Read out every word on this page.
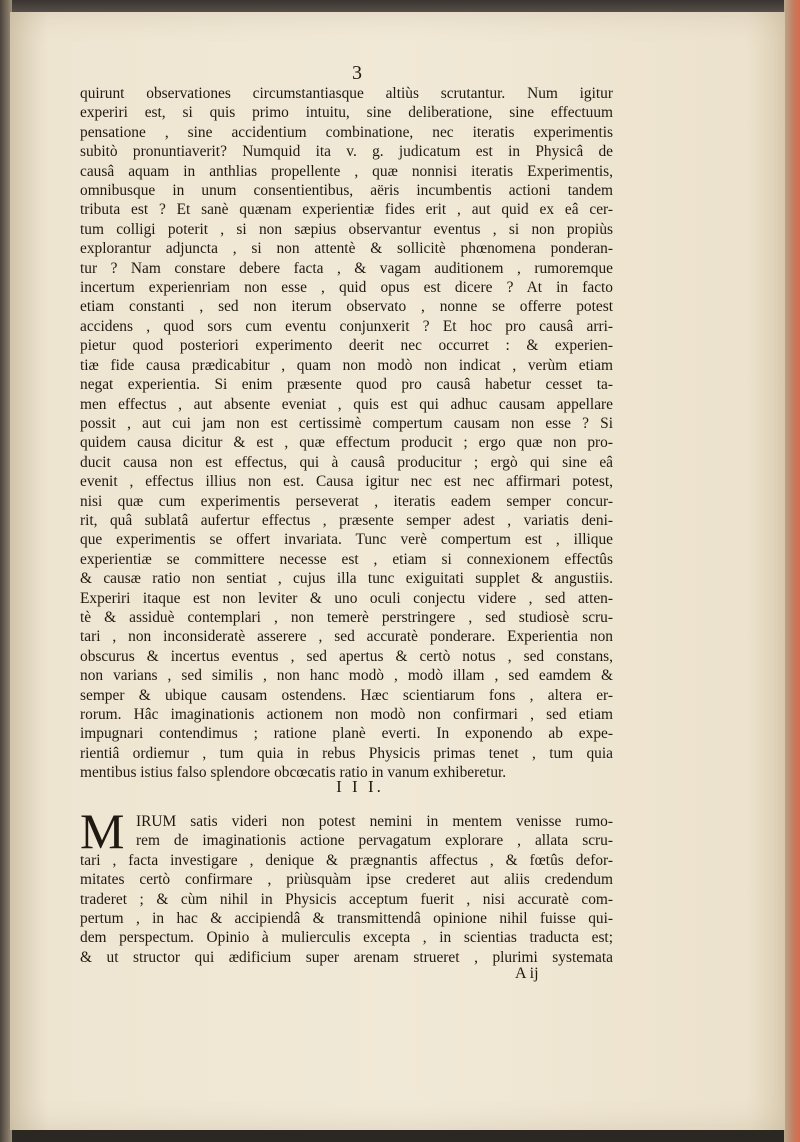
3
quirunt observationes circumstantiasque altiùs scrutantur. Num igitur
experiri est, si quis primo intuitu, sine deliberatione, sine effectuum
pensatione , sine accidentium combinatione, nec iteratis experimentis
subitò pronuntiaverit? Numquid ita v. g. judicatum est in Physicâ de
causâ aquam in anthlias propellente , quæ nonnisi iteratis Experimentis,
omnibusque in unum consentientibus, aëris incumbentis actioni tandem
tributa est ? Et sanè quænam experientiæ fides erit , aut quid ex eâ cer-
tum colligi poterit , si non sæpius observantur eventus , si non propiùs
explorantur adjuncta , si non attentè & sollicitè phœnomena ponderan-
tur ? Nam constare debere facta , & vagam auditionem , rumoremque
incertum experienriam non esse , quid opus est dicere ? At in facto
etiam constanti , sed non iterum observato , nonne se offerre potest
accidens , quod sors cum eventu conjunxerit ? Et hoc pro causâ arri-
pietur quod posteriori experimento deerit nec occurret : & experien-
tiæ fide causa prædicabitur , quam non modò non indicat , verùm etiam
negat experientia. Si enim præsente quod pro causâ habetur cesset ta-
men effectus , aut absente eveniat , quis est qui adhuc causam appellare
possit , aut cui jam non est certissimè compertum causam non esse ? Si
quidem causa dicitur & est , quæ effectum producit ; ergo quæ non pro-
ducit causa non est effectus, qui à causâ producitur ; ergò qui sine eâ
evenit , effectus illius non est. Causa igitur nec est nec affirmari potest,
nisi quæ cum experimentis perseverat , iteratis eadem semper concur-
rit, quâ sublatâ aufertur effectus , præsente semper adest , variatis deni-
que experimentis se offert invariata. Tunc verè compertum est , illique
experientiæ se committere necesse est , etiam si connexionem effectûs
& causæ ratio non sentiat , cujus illa tunc exiguitati supplet & angustiis.
Experiri itaque est non leviter & uno oculi conjectu videre , sed atten-
tè & assiduè contemplari , non temerè perstringere , sed studiosè scru-
tari , non inconsideratè asserere , sed accuratè ponderare. Experientia non
obscurus & incertus eventus , sed apertus & certò notus , sed constans,
non varians , sed similis , non hanc modò , modò illam , sed eamdem &
semper & ubique causam ostendens. Hæc scientiarum fons , altera er-
rorum. Hâc imaginationis actionem non modò non confirmari , sed etiam
impugnari contendimus ; ratione planè everti. In exponendo ab expe-
rientiâ ordiemur , tum quia in rebus Physicis primas tenet , tum quia
mentibus istius falso splendore obcœcatis ratio in vanum exhiberetur.
I I I.
M IRUM satis videri non potest nemini in mentem venisse rumo-
rem de imaginationis actione pervagatum explorare , allata scru-
tari , facta investigare , denique & prægnantis affectus , & fœtûs defor-
mitates certò confirmare , priùsquàm ipse crederet aut aliis credendum
traderet ; & cùm nihil in Physicis acceptum fuerit , nisi accuratè com-
pertum , in hac & accipiendâ & transmittendâ opinione nihil fuisse qui-
dem perspectum. Opinio à mulierculis excepta , in scientias traducta est;
& ut structor qui ædificium super arenam strueret , plurimi systemata
A ij
